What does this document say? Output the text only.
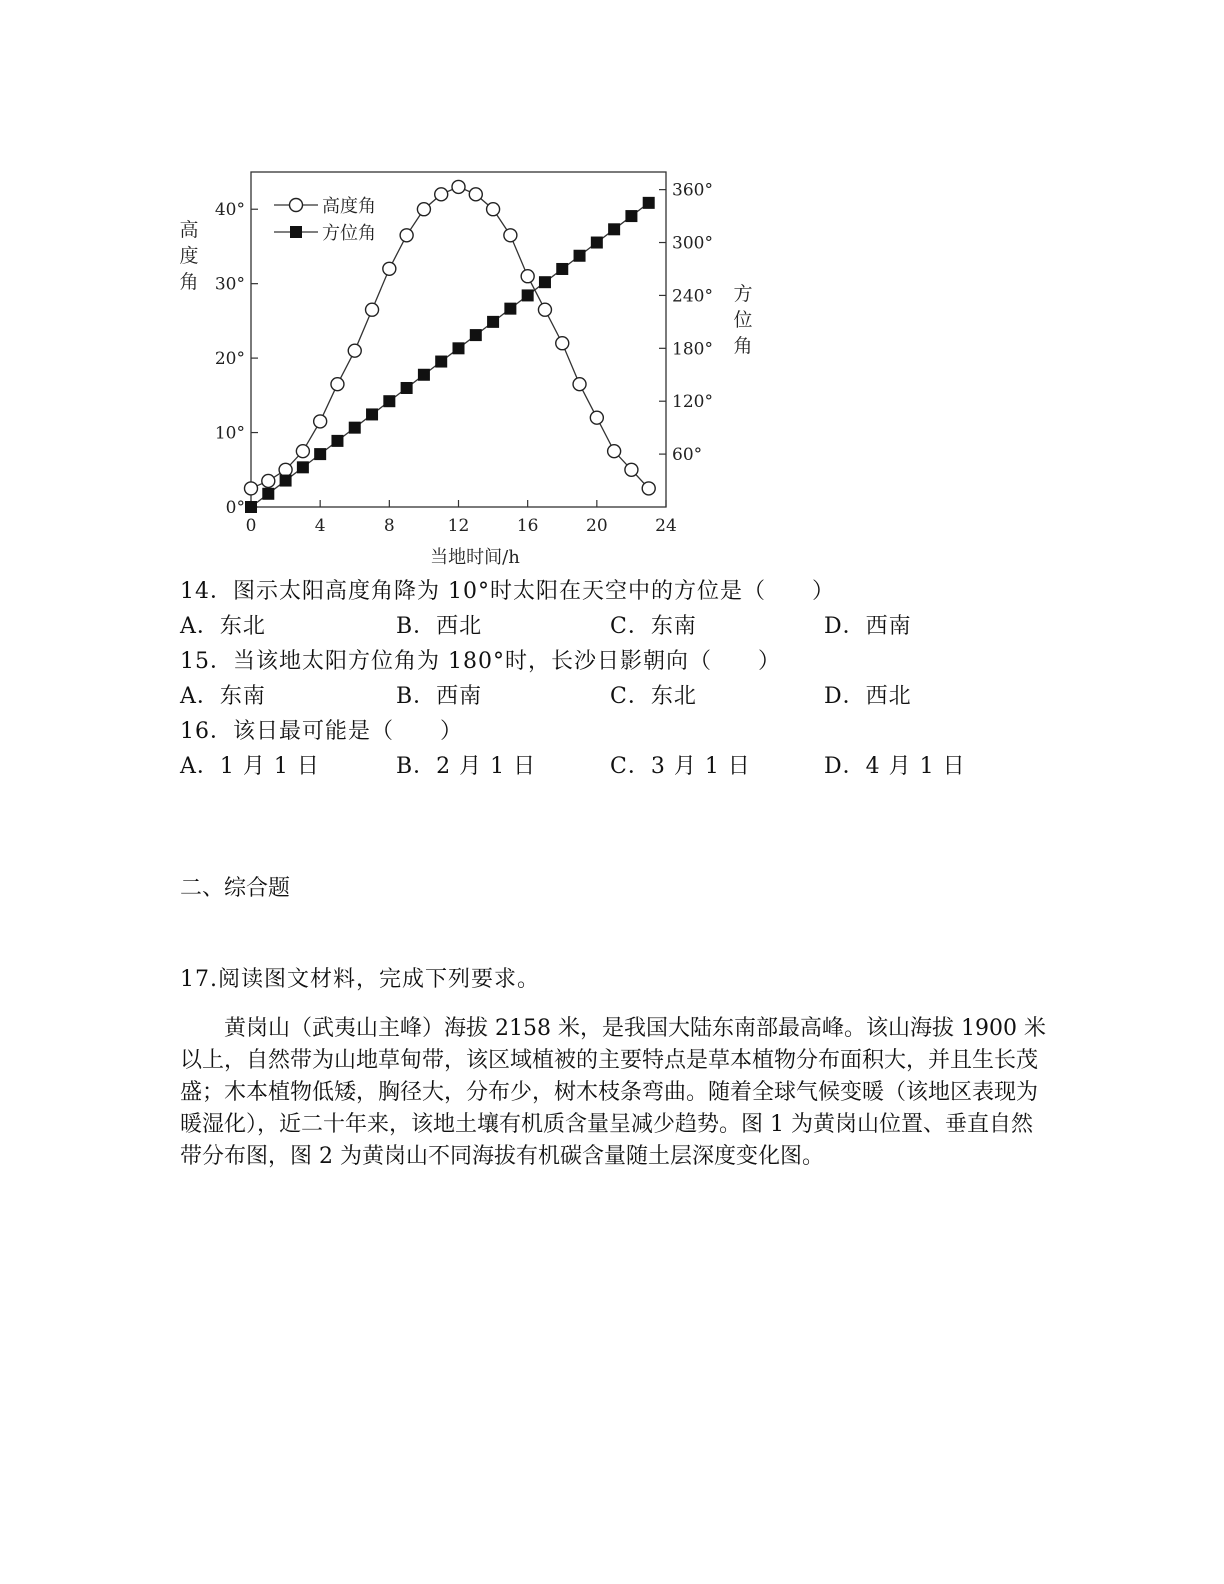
高度角
方位角
0	4	8	12	16	20	24
0°
10°
20°
30°
40°
60°
120°
180°
240°
300°
360°
高度角
方位角
当地时间/h
14．图示太阳高度角降为 10°时太阳在天空中的方位是（　　）
A．东北	B．西北	C．东南	D．西南
15．当该地太阳方位角为 180°时，长沙日影朝向（　　）
A．东南	B．西南	C．东北	D．西北
16．该日最可能是（　　）
A．1 月 1 日	B．2 月 1 日	C．3 月 1 日	D．4 月 1 日
二、综合题
17.阅读图文材料，完成下列要求。

　　黄岗山（武夷山主峰）海拔 2158 米，是我国大陆东南部最高峰。该山海拔 1900 米以上，自然带为山地草甸带，该区域植被的主要特点是草本植物分布面积大，并且生长茂盛；木本植物低矮，胸径大，分布少，树木枝条弯曲。随着全球气候变暖（该地区表现为暖湿化），近二十年来，该地土壤有机质含量呈减少趋势。图 1 为黄岗山位置、垂直自然带分布图，图 2 为黄岗山不同海拔有机碳含量随土层深度变化图。
